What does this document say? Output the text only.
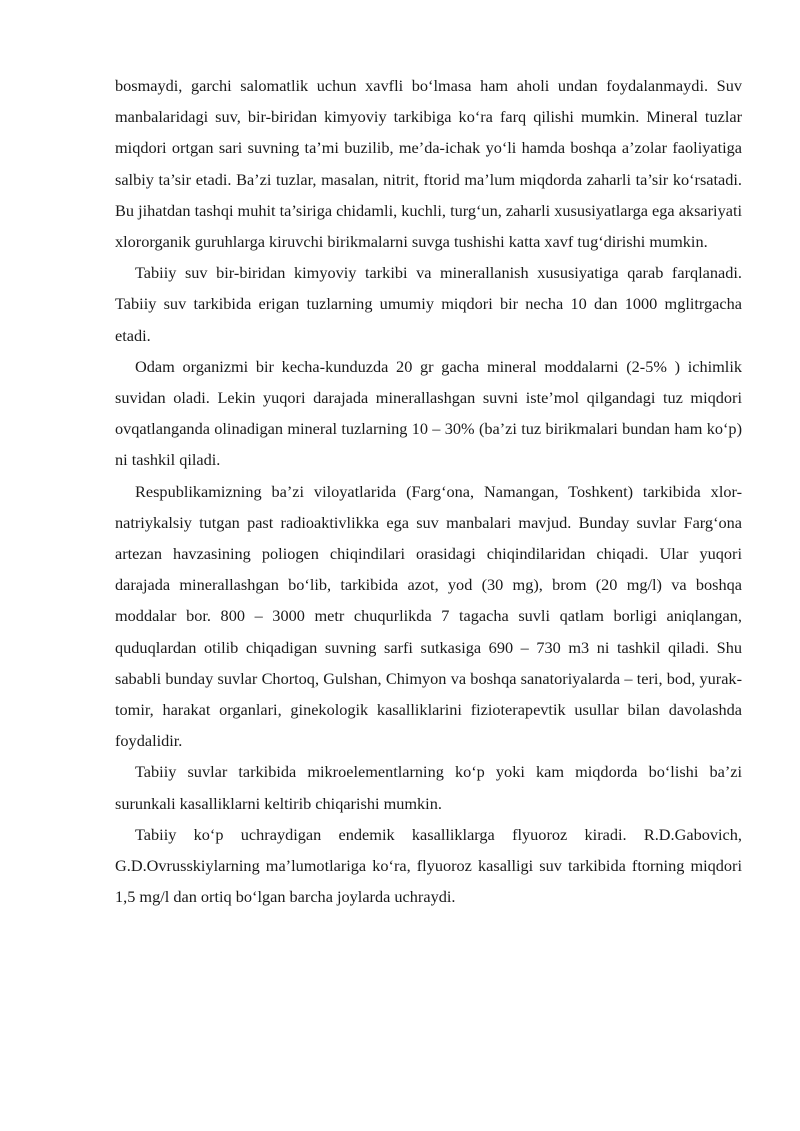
bosmaydi, garchi salomatlik uchun xavfli bo‘lmasa ham aholi undan foydalanmaydi. Suv manbalaridagi suv, bir-biridan kimyoviy tarkibiga ko‘ra farq qilishi mumkin. Mineral tuzlar miqdori ortgan sari suvning ta’mi buzilib, me’da-ichak yo‘li hamda boshqa a’zolar faoliyatiga salbiy ta’sir etadi. Ba’zi tuzlar, masalan, nitrit, ftorid ma’lum miqdorda zaharli ta’sir ko‘rsatadi. Bu jihatdan tashqi muhit ta’siriga chidamli, kuchli, turg‘un, zaharli xususiyatlarga ega aksariyati xlororganik guruhlarga kiruvchi birikmalarni suvga tushishi katta xavf tug‘dirishi mumkin.

Tabiiy suv bir-biridan kimyoviy tarkibi va minerallanish xususiyatiga qarab farqlanadi. Tabiiy suv tarkibida erigan tuzlarning umumiy miqdori bir necha 10 dan 1000 mglitrgacha etadi.

Odam organizmi bir kecha-kunduzda 20 gr gacha mineral moddalarni (2-5% ) ichimlik suvidan oladi. Lekin yuqori darajada minerallashgan suvni iste’mol qilgandagi tuz miqdori ovqatlanganda olinadigan mineral tuzlarning 10 – 30% (ba’zi tuz birikmalari bundan ham ko‘p) ni tashkil qiladi.

Respublikamizning ba’zi viloyatlarida (Farg‘ona, Namangan, Toshkent) tarkibida xlor-natriykalsiy tutgan past radioaktivlikka ega suv manbalari mavjud. Bunday suvlar Farg‘ona artezan havzasining poliogen chiqindilari orasidagi chiqindilaridan chiqadi. Ular yuqori darajada minerallashgan bo‘lib, tarkibida azot, yod (30 mg), brom (20 mg/l) va boshqa moddalar bor. 800 – 3000 metr chuqurlikda 7 tagacha suvli qatlam borligi aniqlangan, quduqlardan otilib chiqadigan suvning sarfi sutkasiga 690 – 730 m3 ni tashkil qiladi. Shu sababli bunday suvlar Chortoq, Gulshan, Chimyon va boshqa sanatoriyalarda – teri, bod, yurak-tomir, harakat organlari, ginekologik kasalliklarini fizioterapevtik usullar bilan davolashda foydalidir.

Tabiiy suvlar tarkibida mikroelementlarning ko‘p yoki kam miqdorda bo‘lishi ba’zi surunkali kasalliklarni keltirib chiqarishi mumkin.

Tabiiy ko‘p uchraydigan endemik kasalliklarga flyuoroz kiradi. R.D.Gabovich, G.D.Ovrusskiylarning ma’lumotlariga ko‘ra, flyuoroz kasalligi suv tarkibida ftorning miqdori 1,5 mg/l dan ortiq bo‘lgan barcha joylarda uchraydi.
